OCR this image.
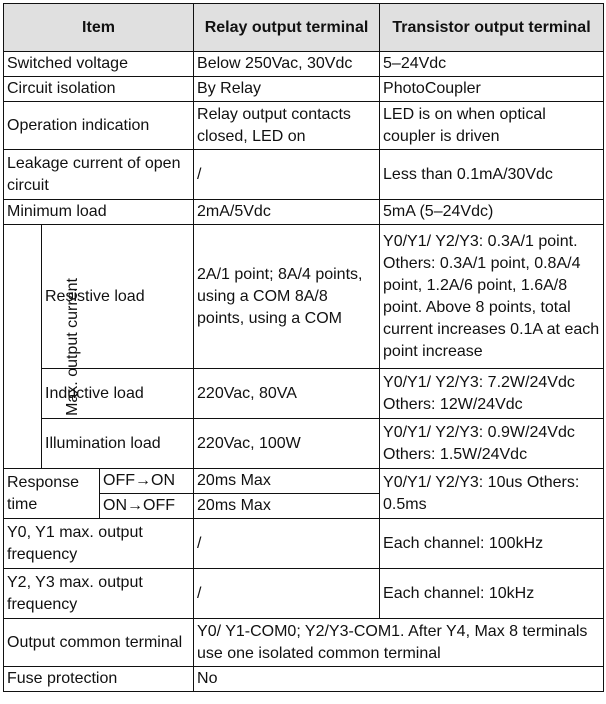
Item			Relay output terminal	Transistor output terminal
Switched voltage			Below 250Vac, 30Vdc	5–24Vdc
Circuit isolation			By Relay	PhotoCoupler
Operation indication			Relay output contacts closed, LED on	LED is on when optical coupler is driven
Leakage current of open circuit			/	Less than 0.1mA/30Vdc
Minimum load			2mA/5Vdc	5mA (5–24Vdc)
Max. output current	Resistive load		2A/1 point; 8A/4 points, using a COM 8A/8 points, using a COM	Y0/Y1/ Y2/Y3: 0.3A/1 point. Others: 0.3A/1 point, 0.8A/4 point, 1.2A/6 point, 1.6A/8 point. Above 8 points, total current increases 0.1A at each point increase
	Inductive load		220Vac, 80VA	Y0/Y1/ Y2/Y3: 7.2W/24Vdc Others: 12W/24Vdc
	Illumination load		220Vac, 100W	Y0/Y1/ Y2/Y3: 0.9W/24Vdc Others: 1.5W/24Vdc
Response time		OFF→ON	20ms Max	Y0/Y1/ Y2/Y3: 10us Others: 0.5ms
		ON→OFF	20ms Max	
Y0, Y1 max. output frequency			/	Each channel: 100kHz
Y2, Y3 max. output frequency			/	Each channel: 10kHz
Output common terminal			Y0/ Y1-COM0; Y2/Y3-COM1. After Y4, Max 8 terminals use one isolated common terminal	
Fuse protection			No	
